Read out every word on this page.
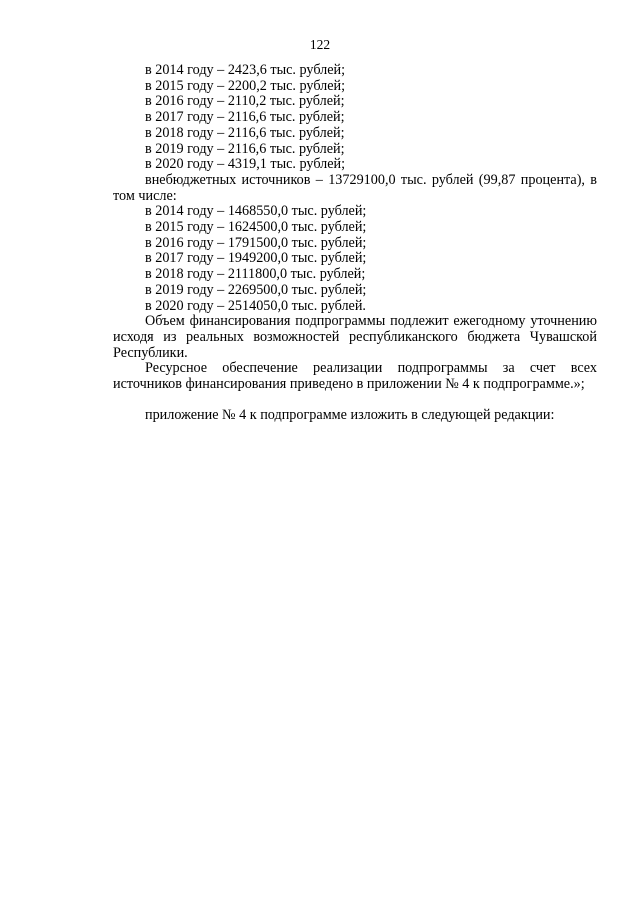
122

в 2014 году – 2423,6 тыс. рублей;

в 2015 году – 2200,2 тыс. рублей;

в 2016 году – 2110,2 тыс. рублей;

в 2017 году – 2116,6 тыс. рублей;

в 2018 году – 2116,6 тыс. рублей;

в 2019 году – 2116,6 тыс. рублей;

в 2020 году – 4319,1 тыс. рублей;

внебюджетных источников – 13729100,0 тыс. рублей (99,87 процента), в

том числе:

в 2014 году – 1468550,0 тыс. рублей;

в 2015 году – 1624500,0 тыс. рублей;

в 2016 году – 1791500,0 тыс. рублей;

в 2017 году – 1949200,0 тыс. рублей;

в 2018 году – 2111800,0 тыс. рублей;

в 2019 году – 2269500,0 тыс. рублей;

в 2020 году – 2514050,0 тыс. рублей.

Объем финансирования подпрограммы подлежит ежегодному уточнению исходя из реальных возможностей республиканского бюджета Чувашской Республики.

Ресурсное обеспечение реализации подпрограммы за счет всех источников финансирования приведено в приложении № 4 к подпрограмме.»;

приложение № 4 к подпрограмме изложить в следующей редакции:
